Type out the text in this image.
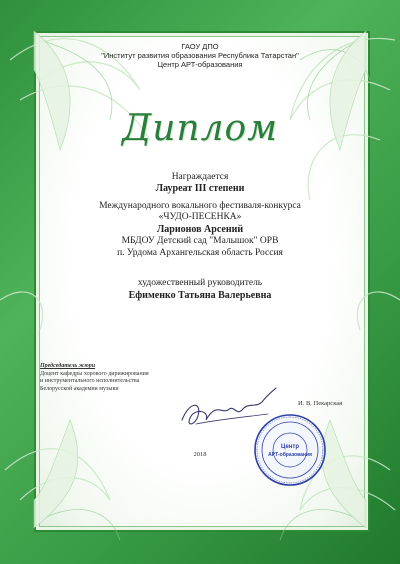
ГАОУ ДПО
"Институт развития образования Республика Татарстан"
Центр АРТ-образования
Диплом
Награждается
Лауреат III степени
Международного вокального фестиваля-конкурса
«ЧУДО-ПЕСЕНКА»
Ларионов Арсений
МБДОУ Детский сад "Малышок" ОРВ
п. Урдома Архангельская область Россия
художественный руководитель
Ефименко Татьяна Валерьевна
Председатель жюри
Доцент кафедры хорового дирижирования
и инструментального исполнительства
Белорусской академии музыки
И. В. Пекарская
Центр
АРТ-образования
2018
